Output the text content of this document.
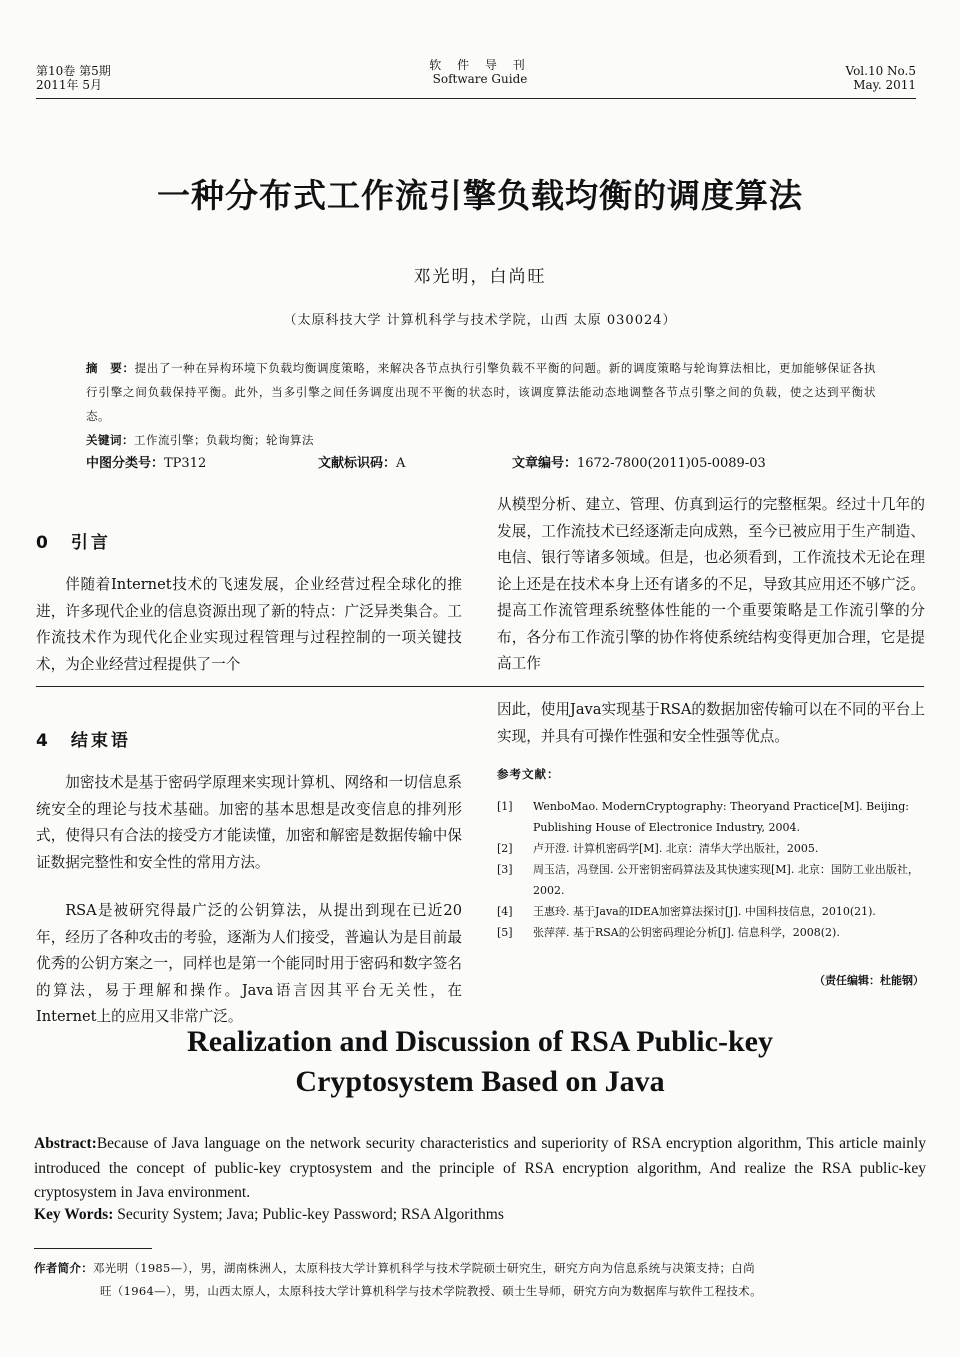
第10卷 第5期
2011年 5月
软 件 导 刊
Software Guide
Vol.10 No.5
May. 2011
一种分布式工作流引擎负载均衡的调度算法
邓光明，白尚旺
（太原科技大学 计算机科学与技术学院，山西 太原 030024）
摘　要：提出了一种在异构环境下负载均衡调度策略，来解决各节点执行引擎负载不平衡的问题。新的调度策略与轮询算法相比，更加能够保证各执行引擎之间负载保持平衡。此外，当多引擎之间任务调度出现不平衡的状态时，该调度算法能动态地调整各节点引擎之间的负载，使之达到平衡状态。
关键词：工作流引擎；负载均衡；轮询算法
中图分类号：TP312	文献标识码：A	文章编号：1672-7800(2011)05-0089-03
0　引言
伴随着Internet技术的飞速发展，企业经营过程全球化的推进，许多现代企业的信息资源出现了新的特点：广泛异类集合。工作流技术作为现代化企业实现过程管理与过程控制的一项关键技术，为企业经营过程提供了一个
从模型分析、建立、管理、仿真到运行的完整框架。经过十几年的发展，工作流技术已经逐渐走向成熟，至今已被应用于生产制造、电信、银行等诸多领域。但是，也必须看到，工作流技术无论在理论上还是在技术本身上还有诸多的不足，导致其应用还不够广泛。提高工作流管理系统整体性能的一个重要策略是工作流引擎的分布，各分布工作流引擎的协作将使系统结构变得更加合理，它是提高工作
4　结束语
加密技术是基于密码学原理来实现计算机、网络和一切信息系统安全的理论与技术基础。加密的基本思想是改变信息的排列形式，使得只有合法的接受方才能读懂，加密和解密是数据传输中保证数据完整性和安全性的常用方法。
RSA是被研究得最广泛的公钥算法，从提出到现在已近20年，经历了各种攻击的考验，逐渐为人们接受，普遍认为是目前最优秀的公钥方案之一，同样也是第一个能同时用于密码和数字签名的算法，易于理解和操作。Java语言因其平台无关性，在Internet上的应用又非常广泛。
因此，使用Java实现基于RSA的数据加密传输可以在不同的平台上实现，并具有可操作性强和安全性强等优点。
参考文献：

[1] WenboMao. ModernCryptography: Theoryand Practice[M]. Beijing: Publishing House of Electronice Industry, 2004.

[2] 卢开澄. 计算机密码学[M]. 北京：清华大学出版社，2005.

[3] 周玉洁，冯登国. 公开密钥密码算法及其快速实现[M]. 北京：国防工业出版社，2002.

[4] 王惠玲. 基于Java的IDEA加密算法探讨[J]. 中国科技信息，2010(21).

[5] 张萍萍. 基于RSA的公钥密码理论分析[J]. 信息科学，2008(2).

（责任编辑：杜能钢）
Realization and Discussion of RSA Public-key
Cryptosystem Based on Java
Abstract:Because of Java language on the network security characteristics and superiority of RSA encryption algorithm, This article mainly introduced the concept of public-key cryptosystem and the principle of RSA encryption algorithm, And realize the RSA public-key cryptosystem in Java environment.
Key Words: Security System; Java; Public-key Password; RSA Algorithms
作者简介：邓光明（1985—），男，湖南株洲人，太原科技大学计算机科学与技术学院硕士研究生，研究方向为信息系统与决策支持；白尚
旺（1964—），男，山西太原人，太原科技大学计算机科学与技术学院教授、硕士生导师，研究方向为数据库与软件工程技术。
